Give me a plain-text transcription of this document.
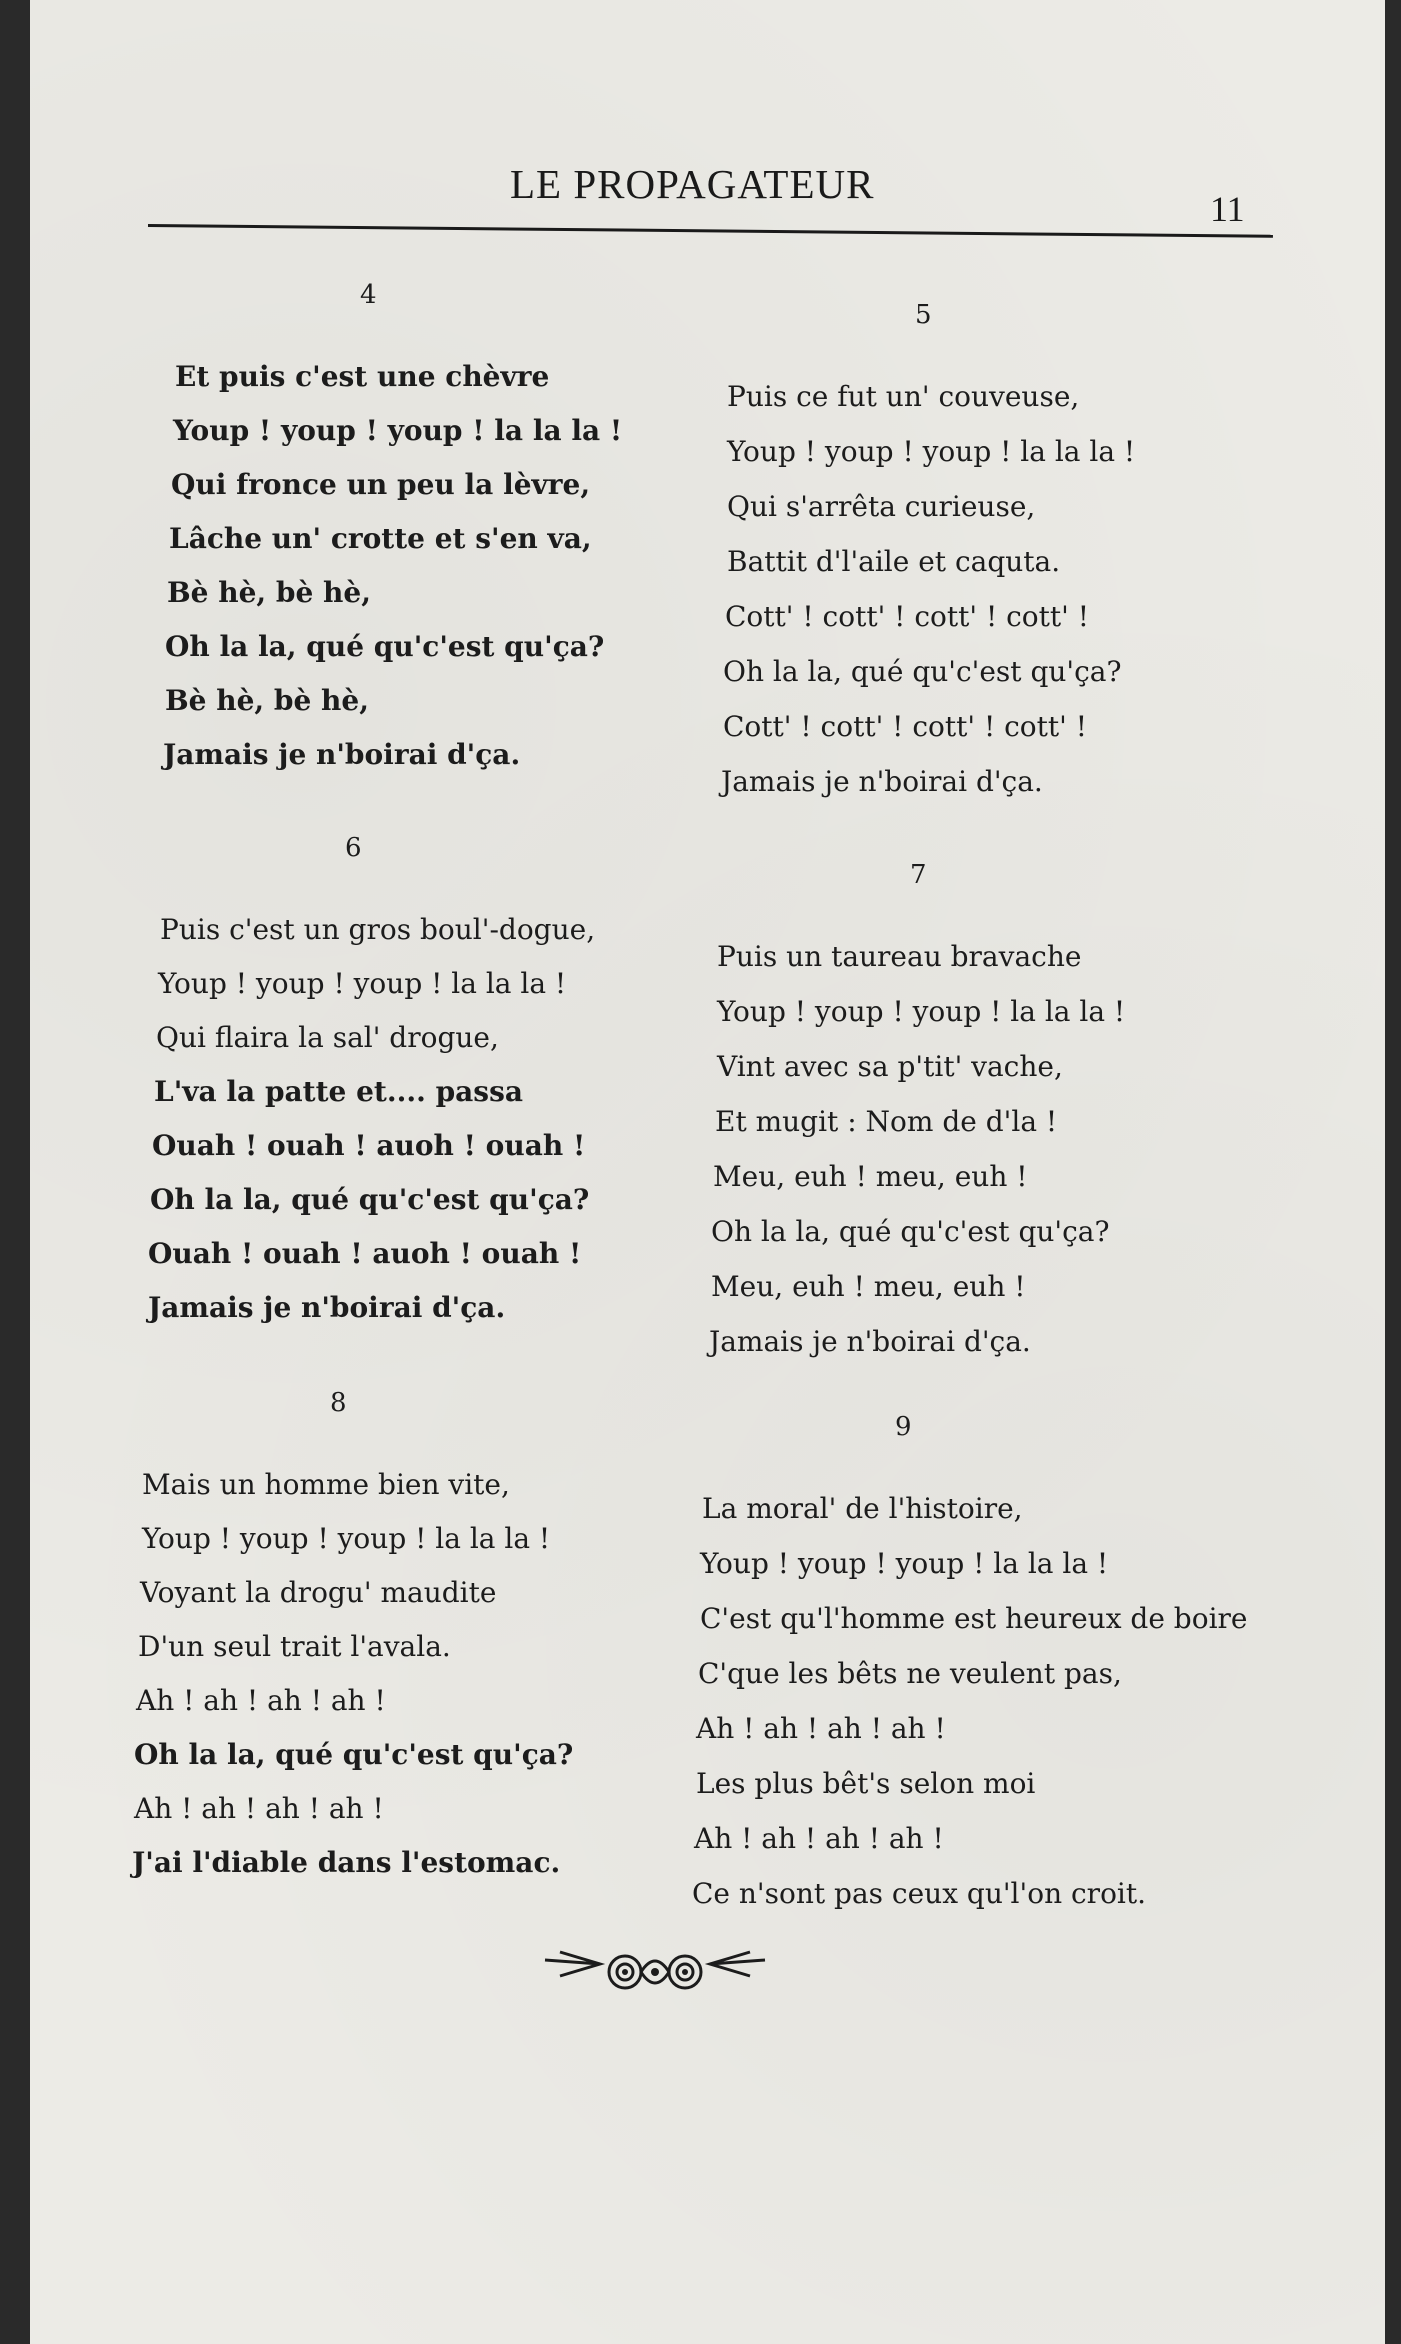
LE PROPAGATEUR
11
4
Et puis c'est une chèvre
Youp ! youp ! youp ! la la la !
Qui fronce un peu la lèvre,
Lâche un' crotte et s'en va,
Bè hè, bè hè,
Oh la la, qué qu'c'est qu'ça?
Bè hè, bè hè,
Jamais je n'boirai d'ça.
5
Puis ce fut un' couveuse,
Youp ! youp ! youp ! la la la !
Qui s'arrêta curieuse,
Battit d'l'aile et caquta.
Cott' ! cott' ! cott' ! cott' !
Oh la la, qué qu'c'est qu'ça?
Cott' ! cott' ! cott' ! cott' !
Jamais je n'boirai d'ça.
6
Puis c'est un gros boul'-dogue,
Youp ! youp ! youp ! la la la !
Qui flaira la sal' drogue,
L'va la patte et.... passa
Ouah ! ouah ! auoh ! ouah !
Oh la la, qué qu'c'est qu'ça?
Ouah ! ouah ! auoh ! ouah !
Jamais je n'boirai d'ça.
7
Puis un taureau bravache
Youp ! youp ! youp ! la la la !
Vint avec sa p'tit' vache,
Et mugit : Nom de d'la !
Meu, euh ! meu, euh !
Oh la la, qué qu'c'est qu'ça?
Meu, euh ! meu, euh !
Jamais je n'boirai d'ça.
8
Mais un homme bien vite,
Youp ! youp ! youp ! la la la !
Voyant la drogu' maudite
D'un seul trait l'avala.
Ah ! ah ! ah ! ah !
Oh la la, qué qu'c'est qu'ça?
Ah ! ah ! ah ! ah !
J'ai l'diable dans l'estomac.
9
La moral' de l'histoire,
Youp ! youp ! youp ! la la la !
C'est qu'l'homme est heureux de boire
C'que les bêts ne veulent pas,
Ah ! ah ! ah ! ah !
Les plus bêt's selon moi
Ah ! ah ! ah ! ah !
Ce n'sont pas ceux qu'l'on croit.
